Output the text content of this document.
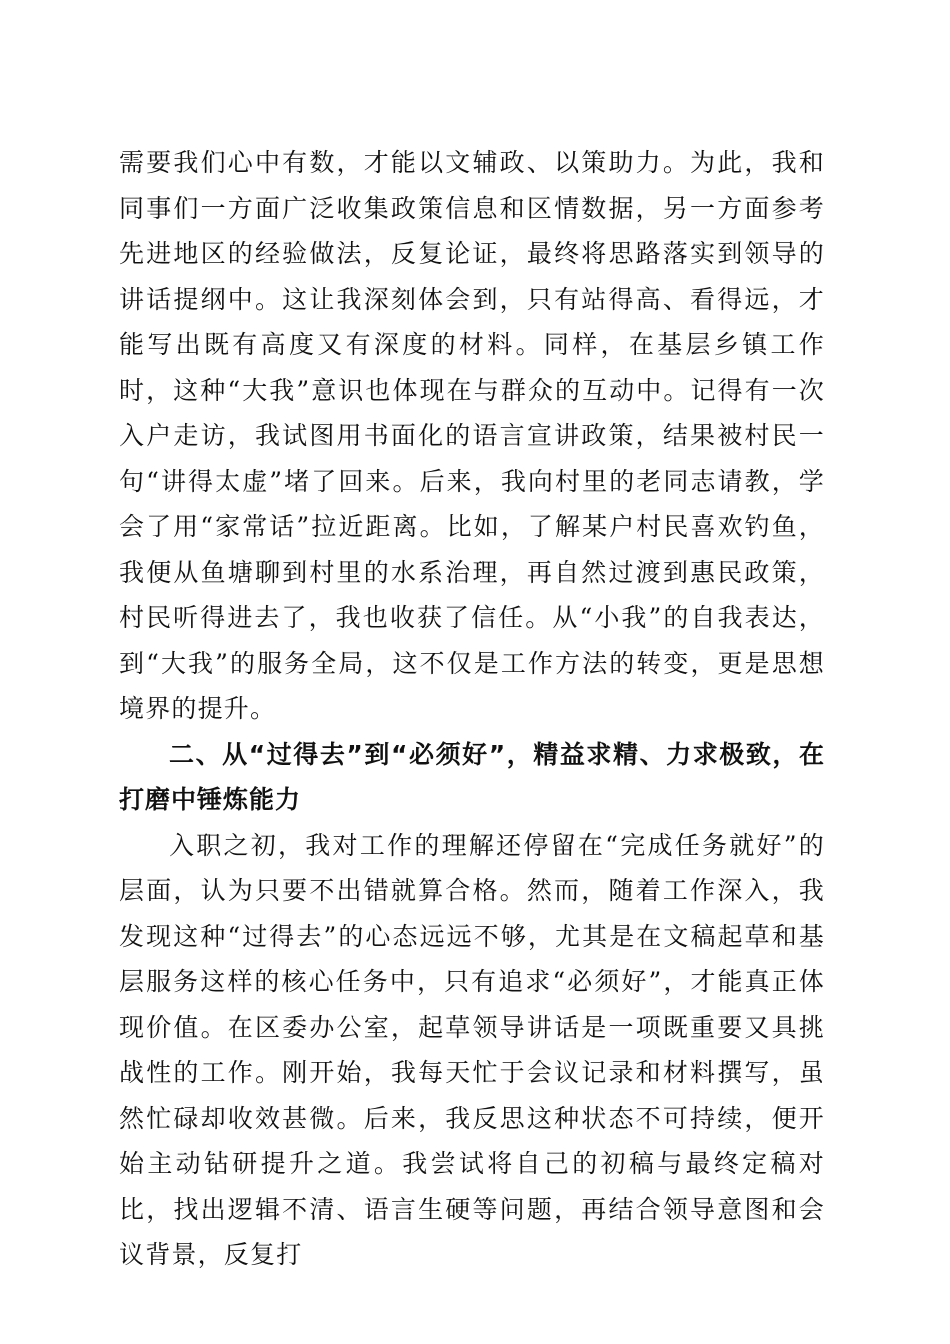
需要我们心中有数，才能以文辅政、以策助力。为此，我和同事们一方面广泛收集政策信息和区情数据，另一方面参考先进地区的经验做法，反复论证，最终将思路落实到领导的讲话提纲中。这让我深刻体会到，只有站得高、看得远，才能写出既有高度又有深度的材料。同样，在基层乡镇工作时，这种“大我”意识也体现在与群众的互动中。记得有一次入户走访，我试图用书面化的语言宣讲政策，结果被村民一句“讲得太虚”堵了回来。后来，我向村里的老同志请教，学会了用“家常话”拉近距离。比如，了解某户村民喜欢钓鱼，我便从鱼塘聊到村里的水系治理，再自然过渡到惠民政策，村民听得进去了，我也收获了信任。从“小我”的自我表达，到“大我”的服务全局，这不仅是工作方法的转变，更是思想境界的提升。

二、从“过得去”到“必须好”，精益求精、力求极致，在打磨中锤炼能力

入职之初，我对工作的理解还停留在“完成任务就好”的层面，认为只要不出错就算合格。然而，随着工作深入，我发现这种“过得去”的心态远远不够，尤其是在文稿起草和基层服务这样的核心任务中，只有追求“必须好”，才能真正体现价值。在区委办公室，起草领导讲话是一项既重要又具挑战性的工作。刚开始，我每天忙于会议记录和材料撰写，虽然忙碌却收效甚微。后来，我反思这种状态不可持续，便开始主动钻研提升之道。我尝试将自己的初稿与最终定稿对比，找出逻辑不清、语言生硬等问题，再结合领导意图和会议背景，反复打
